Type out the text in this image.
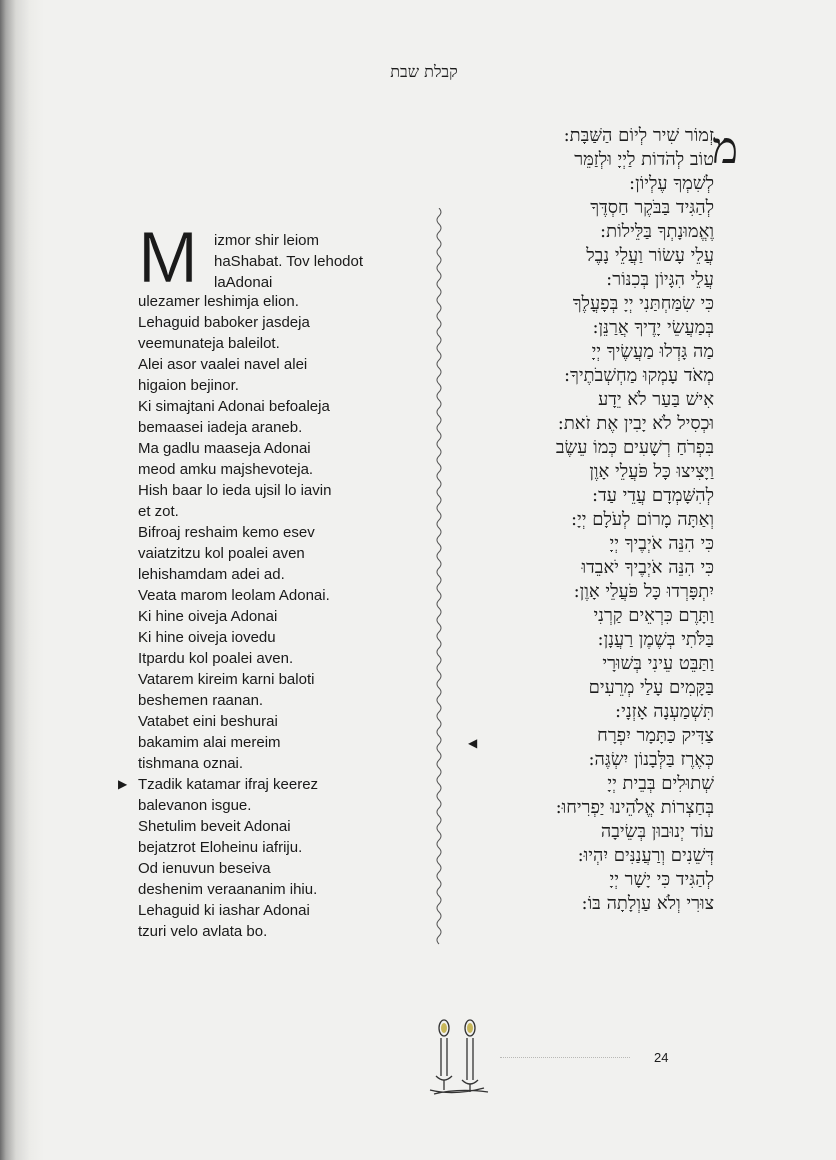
קבלת שבת
M izmor shir leiom
haShabat. Tov lehodot
laAdonai
ulezamer leshimja elion.
Lehaguid baboker jasdeja
veemunateja baleilot.
Alei asor vaalei navel alei
higaion bejinor.
Ki simajtani Adonai befoaleja
bemaasei iadeja araneb.
Ma gadlu maaseja Adonai
meod amku majshevoteja.
Hish baar lo ieda ujsil lo iavin
et zot.
Bifroaj reshaim kemo esev
vaiatzitzu kol poalei aven
lehishamdam adei ad.
Veata marom leolam Adonai.
Ki hine oiveja Adonai
Ki hine oiveja iovedu
Itpardu kol poalei aven.
Vatarem kireim karni baloti
beshemen raanan.
Vatabet eini beshurai
bakamim alai mereim
tishmana oznai.
▶ Tzadik katamar ifraj keerez
balevanon isgue.
Shetulim beveit Adonai
bejatzrot Eloheinu iafriju.
Od ienuvun beseiva
deshenim veraananim ihiu.
Lehaguid ki iashar Adonai
tzuri velo avlata bo.
מ
◀
זְמוֹר שִׁיר לְיוֹם הַשַּׁבָּת:
טוֹב לְהֹדוֹת לַיְיָ וּלְזַמֵּר
לְשִׁמְךָ עֶלְיוֹן:
לְהַגִּיד בַּבֹּקֶר חַסְדֶּךָ
וֶאֱמוּנָתְךָ בַּלֵּילוֹת:
עֲלֵי עָשׂוֹר וַעֲלֵי נָבֶל
עֲלֵי הִגָּיוֹן בְּכִנּוֹר:
כִּי שִׂמַּחְתַּנִי יְיָ בְּפָעֳלֶךָ
בְּמַעֲשֵׂי יָדֶיךָ אֲרַנֵּן:
מַה גָּדְלוּ מַעֲשֶׂיךָ יְיָ
מְאֹד עָמְקוּ מַחְשְׁבֹתֶיךָ:
אִישׁ בַּעַר לֹא יֵדָע
וּכְסִיל לֹא יָבִין אֶת זֹאת:
בִּפְרֹחַ רְשָׁעִים כְּמוֹ עֵשֶׂב
וַיָּצִיצוּ כָּל פֹּעֲלֵי אָוֶן
לְהִשָּׁמְדָם עֲדֵי עַד:
וְאַתָּה מָרוֹם לְעֹלָם יְיָ:
כִּי הִנֵּה אֹיְבֶיךָ יְיָ
כִּי הִנֵּה אֹיְבֶיךָ יֹאבֵדוּ
יִתְפָּרְדוּ כָּל פֹּעֲלֵי אָוֶן:
וַתָּרֶם כִּרְאֵים קַרְנִי
בַּלֹּתִי בְּשֶׁמֶן רַעֲנָן:
וַתַּבֵּט עֵינִי בְּשׁוּרָי
בַּקָּמִים עָלַי מְרֵעִים
תִּשְׁמַעְנָה אָזְנָי:
צַדִּיק כַּתָּמָר יִפְרָח
כְּאֶרֶז בַּלְּבָנוֹן יִשְׂגֶּה:
שְׁתוּלִים בְּבֵית יְיָ
בְּחַצְרוֹת אֱלֹהֵינוּ יַפְרִיחוּ:
עוֹד יְנוּבוּן בְּשֵׂיבָה
דְּשֵׁנִים וְרַעֲנַנִּים יִהְיוּ:
לְהַגִּיד כִּי יָשָׁר יְיָ
צוּרִי וְלֹא עַוְלָתָה בּוֹ:
24
